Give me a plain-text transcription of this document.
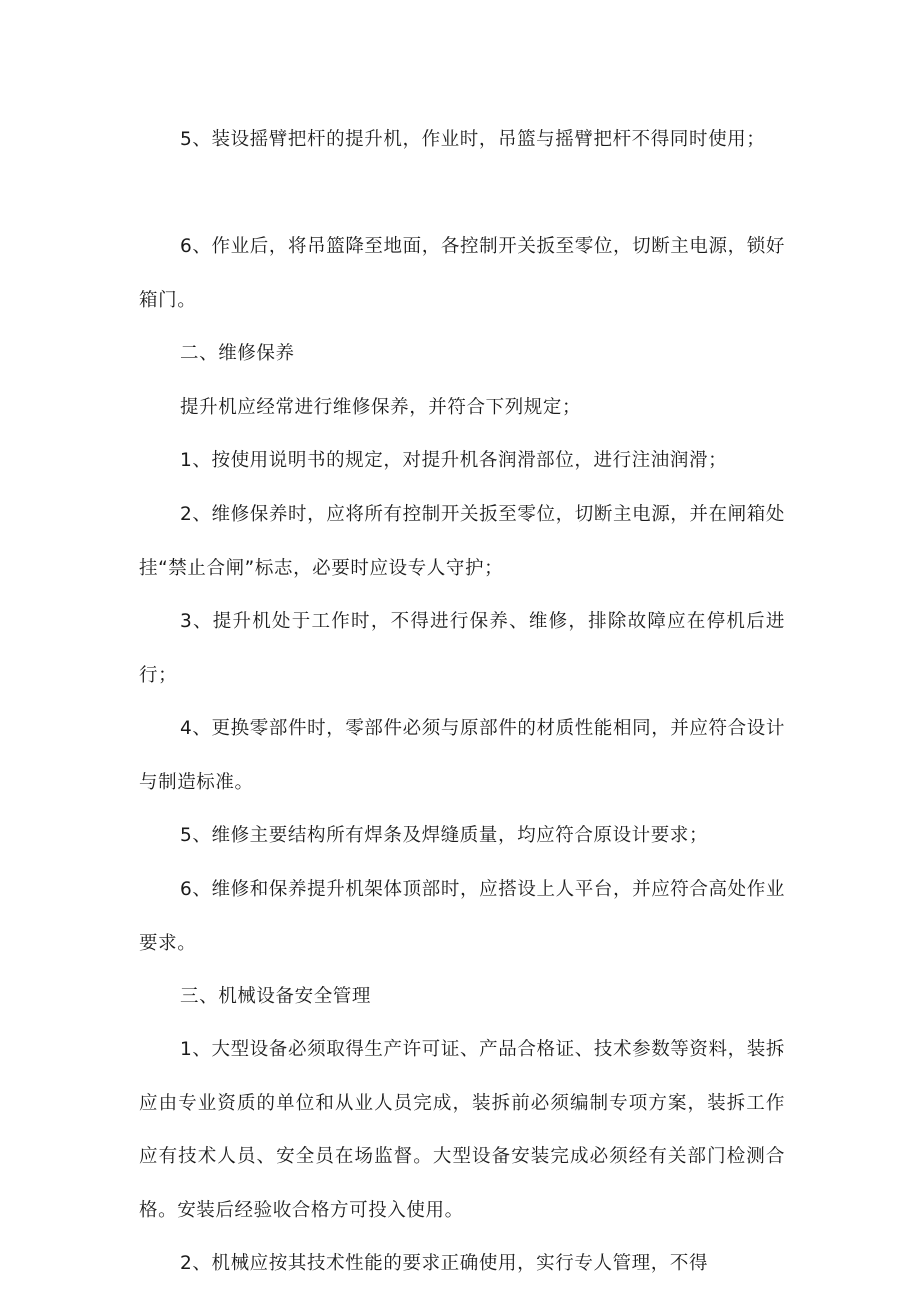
5、装设摇臂把杆的提升机，作业时，吊篮与摇臂把杆不得同时使用；

6、作业后，将吊篮降至地面，各控制开关扳至零位，切断主电源，锁好箱门。

二、维修保养

提升机应经常进行维修保养，并符合下列规定；

1、按使用说明书的规定，对提升机各润滑部位，进行注油润滑；

2、维修保养时，应将所有控制开关扳至零位，切断主电源，并在闸箱处挂“禁止合闸”标志，必要时应设专人守护；

3、提升机处于工作时，不得进行保养、维修，排除故障应在停机后进行；

4、更换零部件时，零部件必须与原部件的材质性能相同，并应符合设计与制造标准。

5、维修主要结构所有焊条及焊缝质量，均应符合原设计要求；

6、维修和保养提升机架体顶部时，应搭设上人平台，并应符合高处作业要求。

三、机械设备安全管理

1、大型设备必须取得生产许可证、产品合格证、技术参数等资料，装拆应由专业资质的单位和从业人员完成，装拆前必须编制专项方案，装拆工作应有技术人员、安全员在场监督。大型设备安装完成必须经有关部门检测合格。安装后经验收合格方可投入使用。

2、机械应按其技术性能的要求正确使用，实行专人管理，不得
